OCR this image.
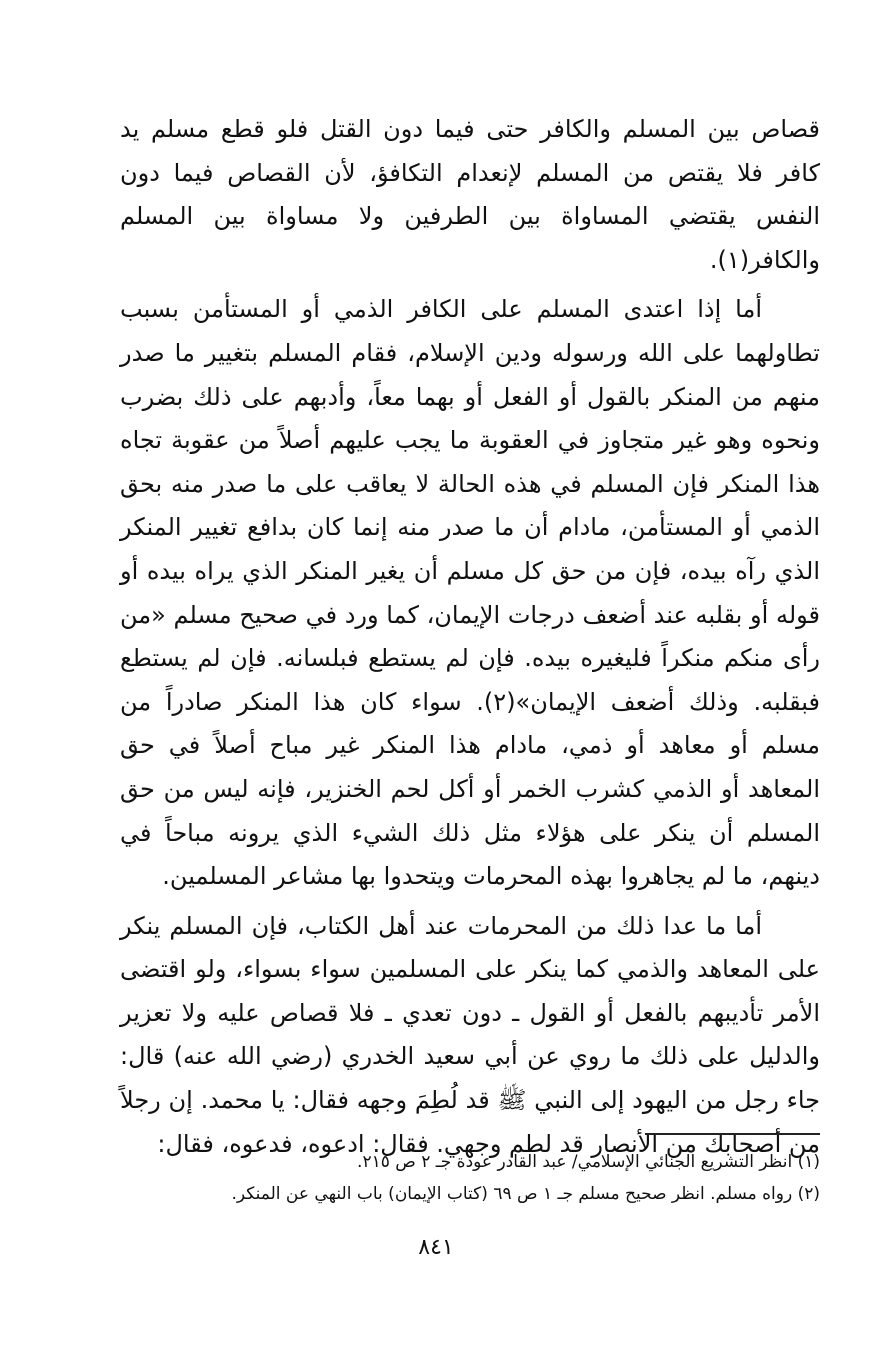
قصاص بين المسلم والكافر حتى فيما دون القتل فلو قطع مسلم يد كافر فلا يقتص من المسلم لإنعدام التكافؤ، لأن القصاص فيما دون النفس يقتضي المساواة بين الطرفين ولا مساواة بين المسلم والكافر(١).

أما إذا اعتدى المسلم على الكافر الذمي أو المستأمن بسبب تطاولهما على الله ورسوله ودين الإسلام، فقام المسلم بتغيير ما صدر منهم من المنكر بالقول أو الفعل أو بهما معاً، وأدبهم على ذلك بضرب ونحوه وهو غير متجاوز في العقوبة ما يجب عليهم أصلاً من عقوبة تجاه هذا المنكر فإن المسلم في هذه الحالة لا يعاقب على ما صدر منه بحق الذمي أو المستأمن، مادام أن ما صدر منه إنما كان بدافع تغيير المنكر الذي رآه بيده، فإن من حق كل مسلم أن يغير المنكر الذي يراه بيده أو قوله أو بقلبه عند أضعف درجات الإيمان، كما ورد في صحيح مسلم «من رأى منكم منكراً فليغيره بيده. فإن لم يستطع فبلسانه. فإن لم يستطع فبقلبه. وذلك أضعف الإيمان»(٢). سواء كان هذا المنكر صادراً من مسلم أو معاهد أو ذمي، مادام هذا المنكر غير مباح أصلاً في حق المعاهد أو الذمي كشرب الخمر أو أكل لحم الخنزير، فإنه ليس من حق المسلم أن ينكر على هؤلاء مثل ذلك الشيء الذي يرونه مباحاً في دينهم، ما لم يجاهروا بهذه المحرمات ويتحدوا بها مشاعر المسلمين.

أما ما عدا ذلك من المحرمات عند أهل الكتاب، فإن المسلم ينكر على المعاهد والذمي كما ينكر على المسلمين سواء بسواء، ولو اقتضى الأمر تأديبهم بالفعل أو القول ـ دون تعدي ـ فلا قصاص عليه ولا تعزير والدليل على ذلك ما روي عن أبي سعيد الخدري (رضي الله عنه) قال: جاء رجل من اليهود إلى النبي ﷺ قد لُطِمَ وجهه فقال: يا محمد. إن رجلاً من أصحابك من الأنصار قد لطم وجهي. فقال: ادعوه، فدعوه، فقال:

(١) انظر التشريع الجنائي الإسلامي/ عبد القادر عودة جـ ٢ ص ٢١٥.

(٢) رواه مسلم. انظر صحيح مسلم جـ ١ ص ٦٩ (كتاب الإيمان) باب النهي عن المنكر.

٨٤١
